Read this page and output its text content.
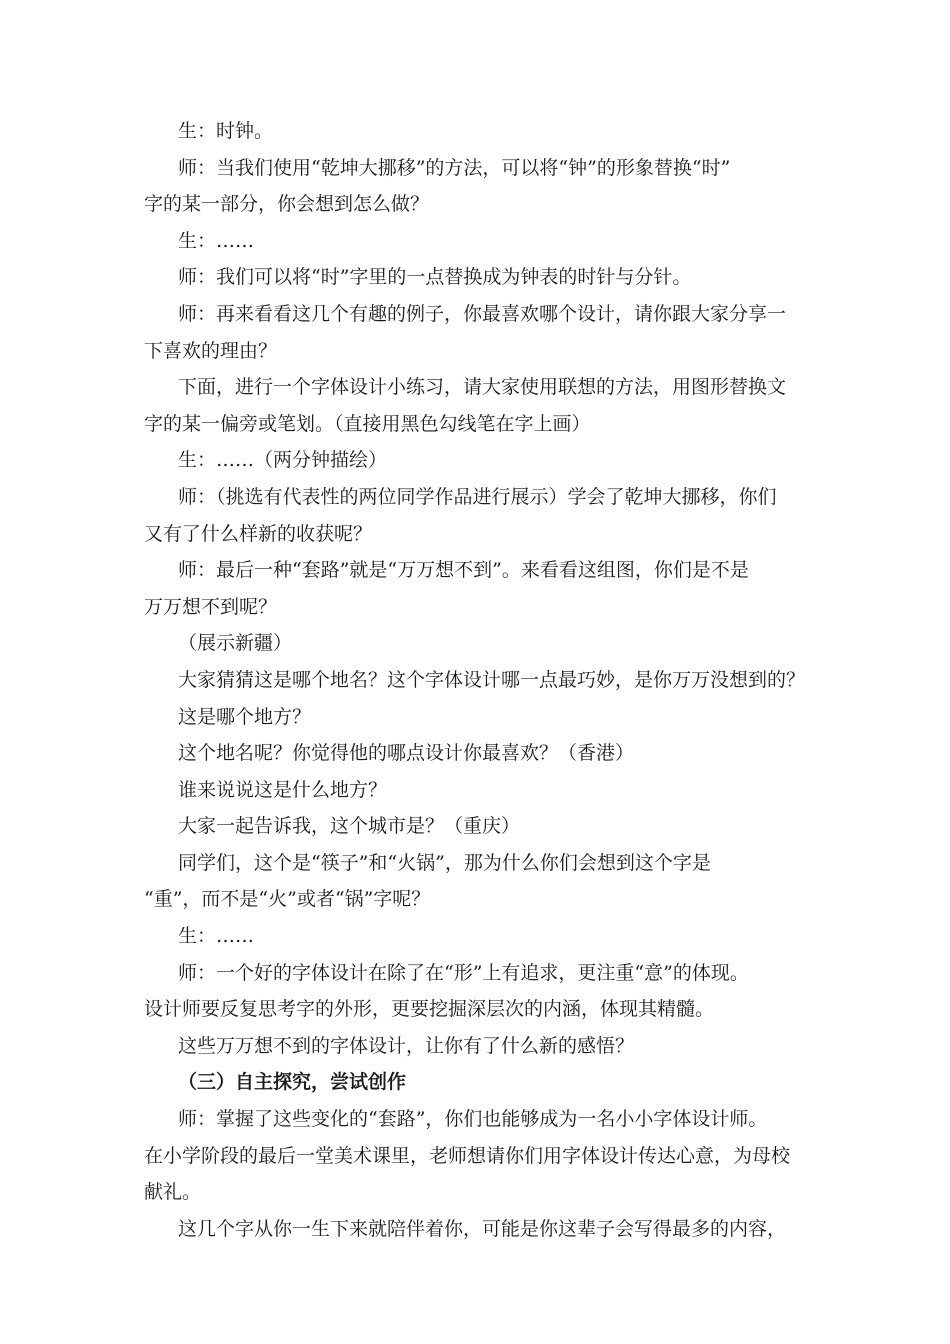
生：时钟。
师：当我们使用“乾坤大挪移”的方法，可以将“钟”的形象替换“时”
字的某一部分，你会想到怎么做？
生：……
师：我们可以将“时”字里的一点替换成为钟表的时针与分针。
师：再来看看这几个有趣的例子，你最喜欢哪个设计，请你跟大家分享一
下喜欢的理由？
下面，进行一个字体设计小练习，请大家使用联想的方法，用图形替换文
字的某一偏旁或笔划。（直接用黑色勾线笔在字上画）
生：……（两分钟描绘）
师：（挑选有代表性的两位同学作品进行展示）学会了乾坤大挪移，你们
又有了什么样新的收获呢？
师：最后一种“套路”就是“万万想不到”。来看看这组图，你们是不是
万万想不到呢？
（展示新疆）
大家猜猜这是哪个地名？这个字体设计哪一点最巧妙，是你万万没想到的？
这是哪个地方？
这个地名呢？你觉得他的哪点设计你最喜欢？（香港）
谁来说说这是什么地方？
大家一起告诉我，这个城市是？（重庆）
同学们，这个是“筷子”和“火锅”，那为什么你们会想到这个字是
“重”，而不是“火”或者“锅”字呢？
生：……
师：一个好的字体设计在除了在“形”上有追求，更注重“意”的体现。
设计师要反复思考字的外形，更要挖掘深层次的内涵，体现其精髓。
这些万万想不到的字体设计，让你有了什么新的感悟？
（三）自主探究，尝试创作
师：掌握了这些变化的“套路”，你们也能够成为一名小小字体设计师。
在小学阶段的最后一堂美术课里，老师想请你们用字体设计传达心意，为母校
献礼。
这几个字从你一生下来就陪伴着你，可能是你这辈子会写得最多的内容，
